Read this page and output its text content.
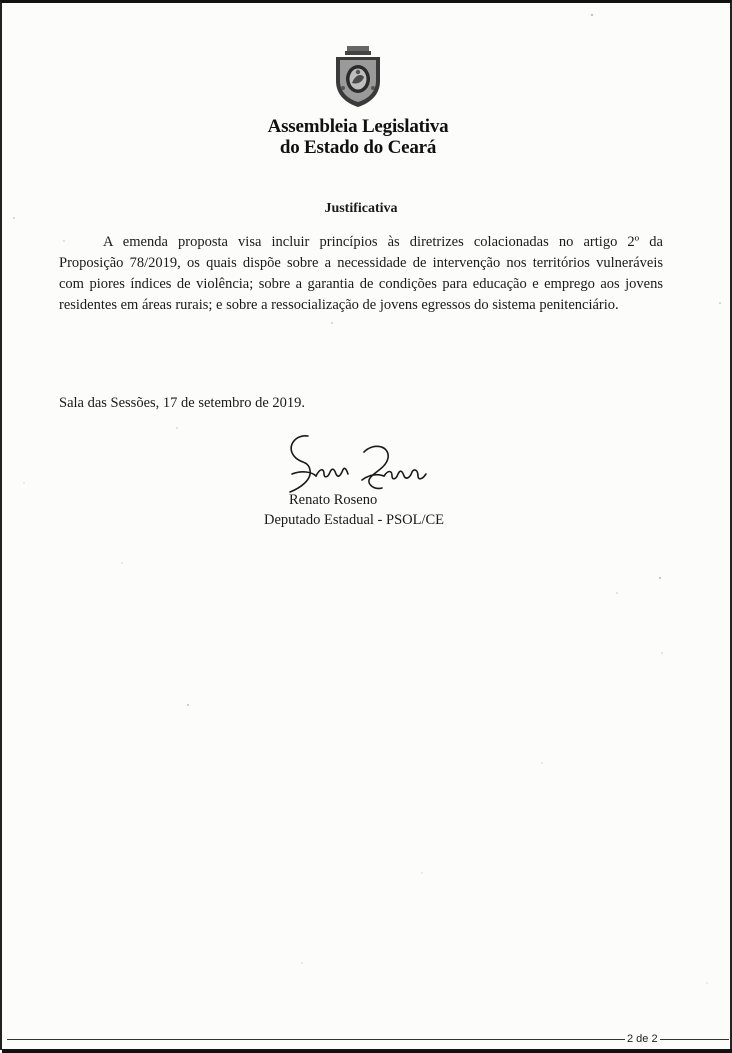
Assembleia Legislativa
do Estado do Ceará
Justificativa
A emenda proposta visa incluir princípios às diretrizes colacionadas no artigo 2º da
Proposição 78/2019, os quais dispõe sobre a necessidade de intervenção nos territórios vulneráveis
com piores índices de violência; sobre a garantia de condições para educação e emprego aos jovens
residentes em áreas rurais; e sobre a ressocialização de jovens egressos do sistema penitenciário.
Sala das Sessões, 17 de setembro de 2019.
Renato Roseno
Deputado Estadual - PSOL/CE
2 de 2
